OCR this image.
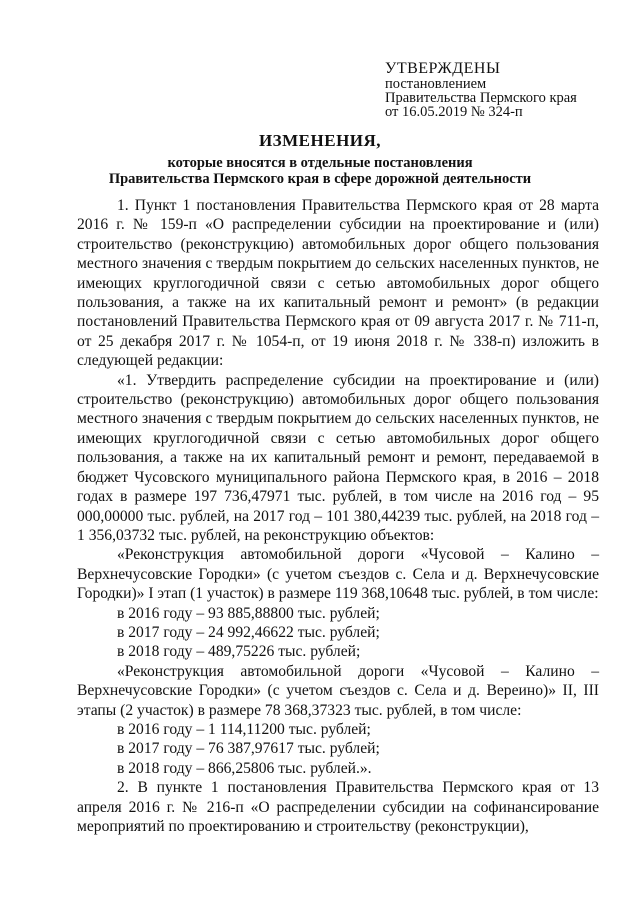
УТВЕРЖДЕНЫ
постановлением
Правительства Пермского края
от 16.05.2019 № 324-п
ИЗМЕНЕНИЯ,
которые вносятся в отдельные постановления
Правительства Пермского края в сфере дорожной деятельности

1. Пункт 1 постановления Правительства Пермского края от 28 марта 2016 г. № 159-п «О распределении субсидии на проектирование и (или) строительство (реконструкцию) автомобильных дорог общего пользования местного значения с твердым покрытием до сельских населенных пунктов, не имеющих круглогодичной связи с сетью автомобильных дорог общего пользования, а также на их капитальный ремонт и ремонт» (в редакции постановлений Правительства Пермского края от 09 августа 2017 г. № 711-п, от 25 декабря 2017 г. № 1054-п, от 19 июня 2018 г. № 338-п) изложить в следующей редакции:

«1. Утвердить распределение субсидии на проектирование и (или) строительство (реконструкцию) автомобильных дорог общего пользования местного значения с твердым покрытием до сельских населенных пунктов, не имеющих круглогодичной связи с сетью автомобильных дорог общего пользования, а также на их капитальный ремонт и ремонт, передаваемой в бюджет Чусовского муниципального района Пермского края, в 2016 – 2018 годах в размере 197 736,47971 тыс. рублей, в том числе на 2016 год – 95 000,00000 тыс. рублей, на 2017 год – 101 380,44239 тыс. рублей, на 2018 год – 1 356,03732 тыс. рублей, на реконструкцию объектов:

«Реконструкция автомобильной дороги «Чусовой – Калино – Верхнечусовские Городки» (с учетом съездов с. Села и д. Верхнечусовские Городки)» I этап (1 участок) в размере 119 368,10648 тыс. рублей, в том числе:

в 2016 году – 93 885,88800 тыс. рублей;

в 2017 году – 24 992,46622 тыс. рублей;

в 2018 году – 489,75226 тыс. рублей;

«Реконструкция автомобильной дороги «Чусовой – Калино – Верхнечусовские Городки» (с учетом съездов с. Села и д. Вереино)» II, III этапы (2 участок) в размере 78 368,37323 тыс. рублей, в том числе:

в 2016 году – 1 114,11200 тыс. рублей;

в 2017 году – 76 387,97617 тыс. рублей;

в 2018 году – 866,25806 тыс. рублей.».

2. В пункте 1 постановления Правительства Пермского края от 13 апреля 2016 г. № 216-п «О распределении субсидии на софинансирование мероприятий по проектированию и строительству (реконструкции),
